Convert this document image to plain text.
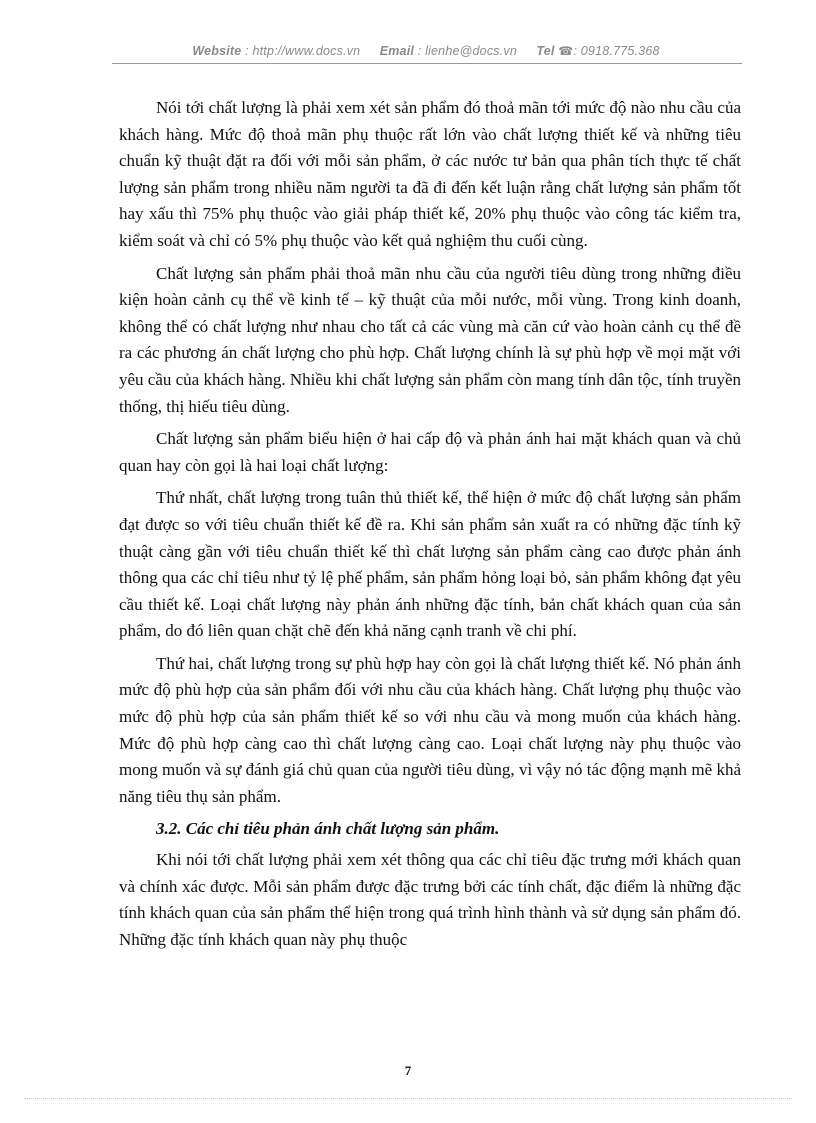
Website : http://www.docs.vn Email : lienhe@docs.vn Tel ☎: 0918.775.368

Nói tới chất lượng là phải xem xét sản phẩm đó thoả mãn tới mức độ nào nhu cầu của khách hàng. Mức độ thoả mãn phụ thuộc rất lớn vào chất lượng thiết kế và những tiêu chuẩn kỹ thuật đặt ra đối với mỗi sản phẩm, ở các nước tư bản qua phân tích thực tế chất lượng sản phẩm trong nhiều năm người ta đã đi đến kết luận rằng chất lượng sản phẩm tốt hay xấu thì 75% phụ thuộc vào giải pháp thiết kế, 20% phụ thuộc vào công tác kiểm tra, kiểm soát và chỉ có 5% phụ thuộc vào kết quả nghiệm thu cuối cùng.

Chất lượng sản phẩm phải thoả mãn nhu cầu của người tiêu dùng trong những điều kiện hoàn cảnh cụ thể về kinh tế – kỹ thuật của mỗi nước, mỗi vùng. Trong kinh doanh, không thể có chất lượng như nhau cho tất cả các vùng mà căn cứ vào hoàn cảnh cụ thể đề ra các phương án chất lượng cho phù hợp. Chất lượng chính là sự phù hợp về mọi mặt với yêu cầu của khách hàng. Nhiều khi chất lượng sản phẩm còn mang tính dân tộc, tính truyền thống, thị hiếu tiêu dùng.

Chất lượng sản phẩm biểu hiện ở hai cấp độ và phản ánh hai mặt khách quan và chủ quan hay còn gọi là hai loại chất lượng:

Thứ nhất, chất lượng trong tuân thủ thiết kế, thể hiện ở mức độ chất lượng sản phẩm đạt được so với tiêu chuẩn thiết kế đề ra. Khi sản phẩm sản xuất ra có những đặc tính kỹ thuật càng gần với tiêu chuẩn thiết kế thì chất lượng sản phẩm càng cao được phản ánh thông qua các chỉ tiêu như tỷ lệ phế phẩm, sản phẩm hỏng loại bỏ, sản phẩm không đạt yêu cầu thiết kế. Loại chất lượng này phản ánh những đặc tính, bản chất khách quan của sản phẩm, do đó liên quan chặt chẽ đến khả năng cạnh tranh về chi phí.

Thứ hai, chất lượng trong sự phù hợp hay còn gọi là chất lượng thiết kế. Nó phản ánh mức độ phù hợp của sản phẩm đối với nhu cầu của khách hàng. Chất lượng phụ thuộc vào mức độ phù hợp của sản phẩm thiết kế so với nhu cầu và mong muốn của khách hàng. Mức độ phù hợp càng cao thì chất lượng càng cao. Loại chất lượng này phụ thuộc vào mong muốn và sự đánh giá chủ quan của người tiêu dùng, vì vậy nó tác động mạnh mẽ khả năng tiêu thụ sản phẩm.

3.2. Các chỉ tiêu phản ánh chất lượng sản phẩm.

Khi nói tới chất lượng phải xem xét thông qua các chỉ tiêu đặc trưng mới khách quan và chính xác được. Mỗi sản phẩm được đặc trưng bởi các tính chất, đặc điểm là những đặc tính khách quan của sản phẩm thể hiện trong quá trình hình thành và sử dụng sản phẩm đó. Những đặc tính khách quan này phụ thuộc

7
